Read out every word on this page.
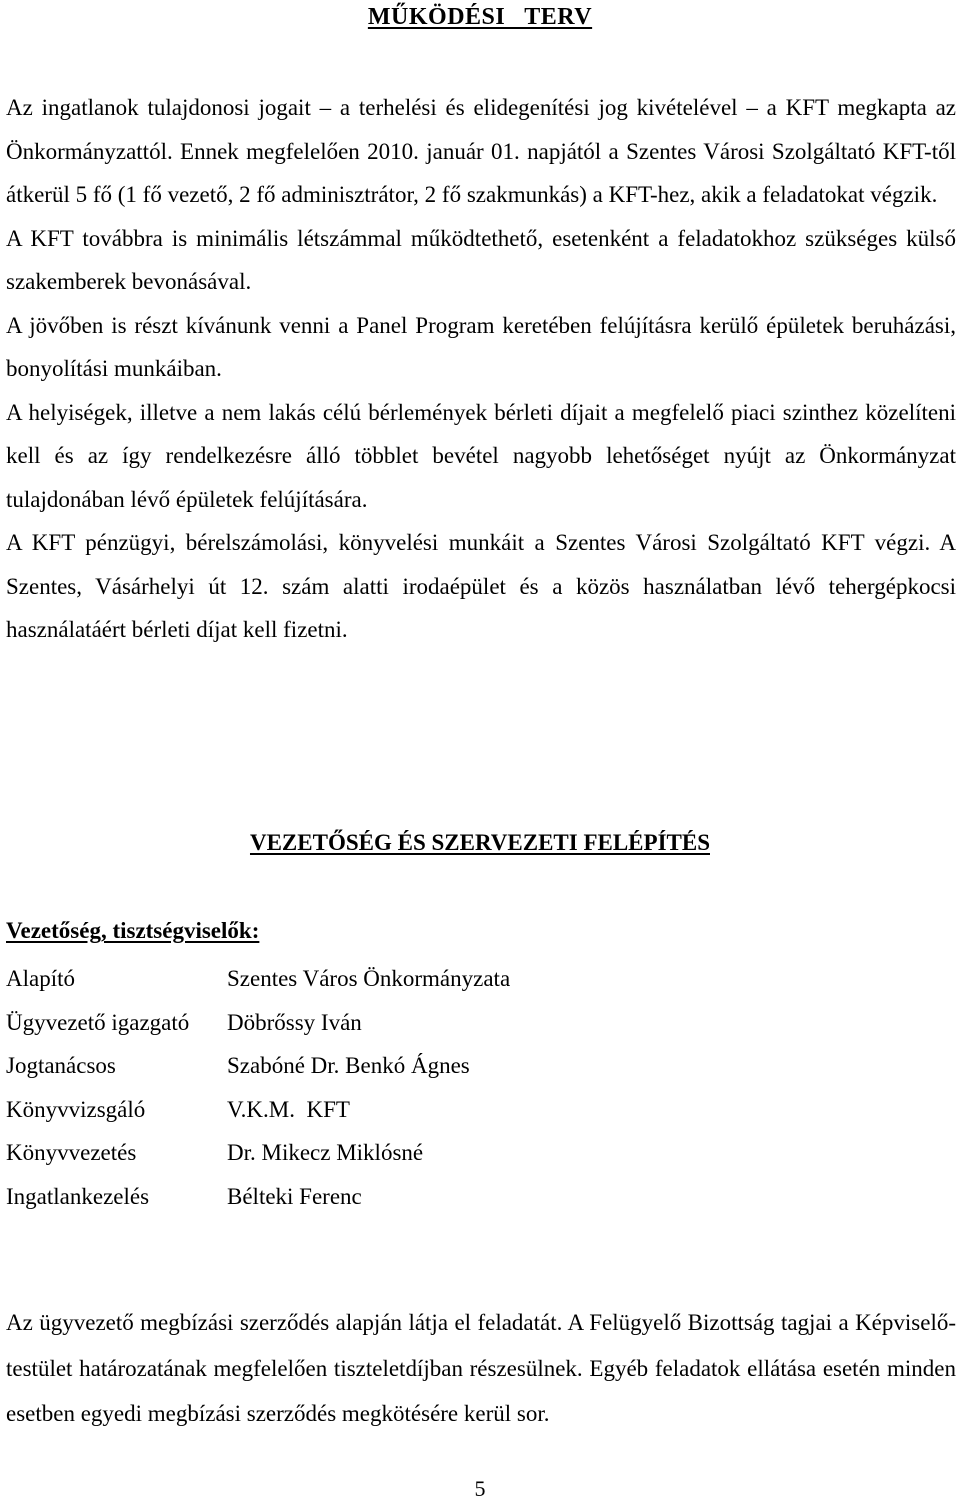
MŰKÖDÉSI   TERV

Az ingatlanok tulajdonosi jogait – a terhelési és elidegenítési jog kivételével – a KFT megkapta az Önkormányzattól. Ennek megfelelően 2010. január 01. napjától a Szentes Városi Szolgáltató KFT-től átkerül 5 fő (1 fő vezető, 2 fő adminisztrátor, 2 fő szakmunkás) a KFT-hez, akik a feladatokat végzik.

A KFT továbbra is minimális létszámmal működtethető, esetenként a feladatokhoz szükséges külső szakemberek bevonásával.

A jövőben is részt kívánunk venni a Panel Program keretében felújításra kerülő épületek beruházási, bonyolítási munkáiban.

A helyiségek, illetve a nem lakás célú bérlemények bérleti díjait a megfelelő piaci szinthez közelíteni kell és az így rendelkezésre álló többlet bevétel nagyobb lehetőséget nyújt az Önkormányzat tulajdonában lévő épületek felújítására.

A KFT pénzügyi, bérelszámolási, könyvelési munkáit a Szentes Városi Szolgáltató KFT végzi. A Szentes, Vásárhelyi út 12. szám alatti irodaépület és a közös használatban lévő tehergépkocsi használatáért bérleti díjat kell fizetni.

VEZETŐSÉG ÉS SZERVEZETI FELÉPÍTÉS
Vezetőség, tisztségviselők:
Alapító	Szentes Város Önkormányzata
Ügyvezető igazgató	Döbrőssy Iván
Jogtanácsos	Szabóné Dr. Benkó Ágnes
Könyvvizsgáló	V.K.M.  KFT
Könyvvezetés	Dr. Mikecz Miklósné
Ingatlankezelés	Bélteki Ferenc

Az ügyvezető megbízási szerződés alapján látja el feladatát. A Felügyelő Bizottság tagjai a Képviselő-testület határozatának megfelelően tiszteletdíjban részesülnek. Egyéb feladatok ellátása esetén minden esetben egyedi megbízási szerződés megkötésére kerül sor.

5
